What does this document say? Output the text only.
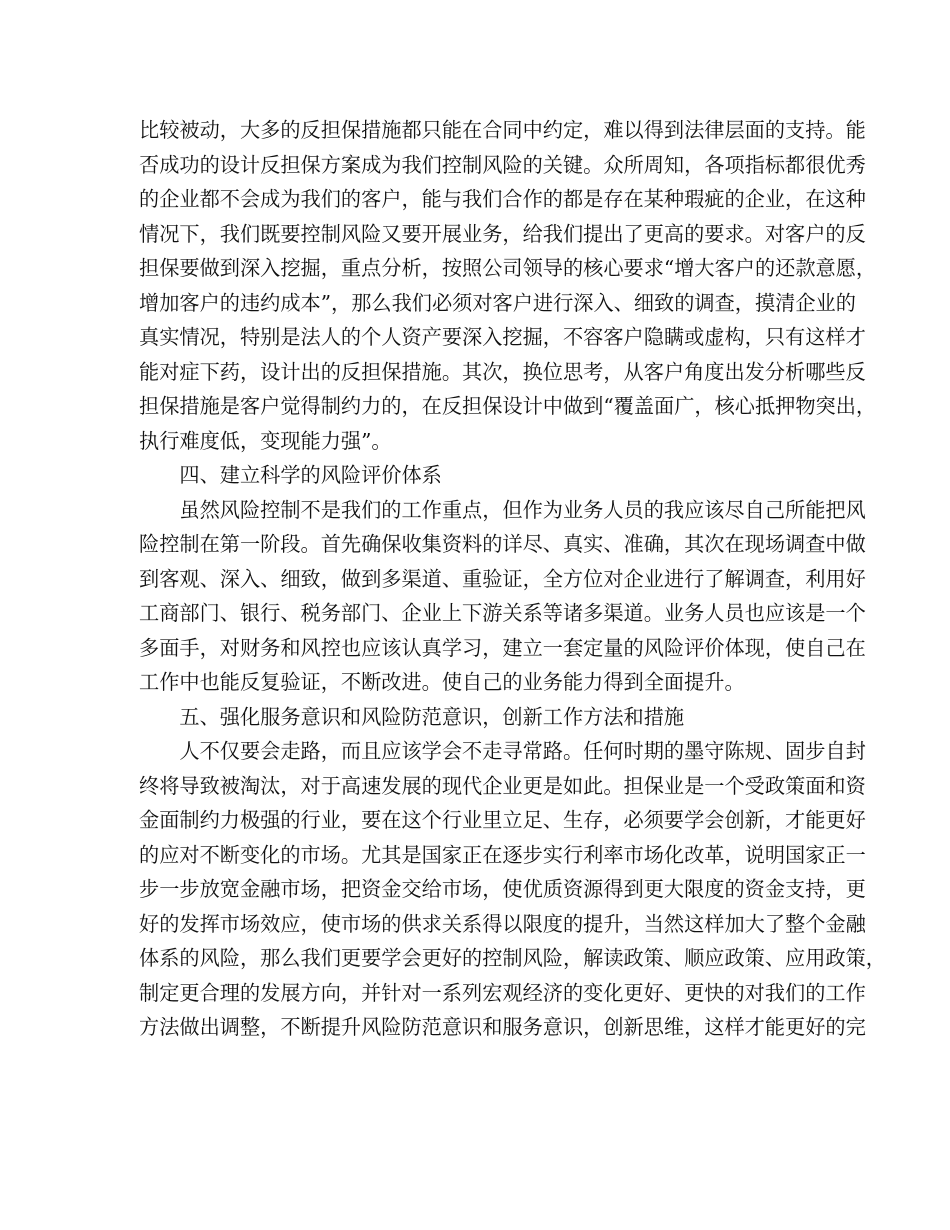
比较被动，大多的反担保措施都只能在合同中约定，难以得到法律层面的支持。能
否成功的设计反担保方案成为我们控制风险的关键。众所周知，各项指标都很优秀
的企业都不会成为我们的客户，能与我们合作的都是存在某种瑕疵的企业，在这种
情况下，我们既要控制风险又要开展业务，给我们提出了更高的要求。对客户的反
担保要做到深入挖掘，重点分析，按照公司领导的核心要求“增大客户的还款意愿，
增加客户的违约成本”，那么我们必须对客户进行深入、细致的调查，摸清企业的
真实情况，特别是法人的个人资产要深入挖掘，不容客户隐瞒或虚构，只有这样才
能对症下药，设计出的反担保措施。其次，换位思考，从客户角度出发分析哪些反
担保措施是客户觉得制约力的，在反担保设计中做到“覆盖面广，核心抵押物突出，
执行难度低，变现能力强”。
　　四、建立科学的风险评价体系
　　虽然风险控制不是我们的工作重点，但作为业务人员的我应该尽自己所能把风
险控制在第一阶段。首先确保收集资料的详尽、真实、准确，其次在现场调查中做
到客观、深入、细致，做到多渠道、重验证，全方位对企业进行了解调查，利用好
工商部门、银行、税务部门、企业上下游关系等诸多渠道。业务人员也应该是一个
多面手，对财务和风控也应该认真学习，建立一套定量的风险评价体现，使自己在
工作中也能反复验证，不断改进。使自己的业务能力得到全面提升。
　　五、强化服务意识和风险防范意识，创新工作方法和措施
　　人不仅要会走路，而且应该学会不走寻常路。任何时期的墨守陈规、固步自封
终将导致被淘汰，对于高速发展的现代企业更是如此。担保业是一个受政策面和资
金面制约力极强的行业，要在这个行业里立足、生存，必须要学会创新，才能更好
的应对不断变化的市场。尤其是国家正在逐步实行利率市场化改革，说明国家正一
步一步放宽金融市场，把资金交给市场，使优质资源得到更大限度的资金支持，更
好的发挥市场效应，使市场的供求关系得以限度的提升，当然这样加大了整个金融
体系的风险，那么我们更要学会更好的控制风险，解读政策、顺应政策、应用政策，
制定更合理的发展方向，并针对一系列宏观经济的变化更好、更快的对我们的工作
方法做出调整，不断提升风险防范意识和服务意识，创新思维，这样才能更好的完
